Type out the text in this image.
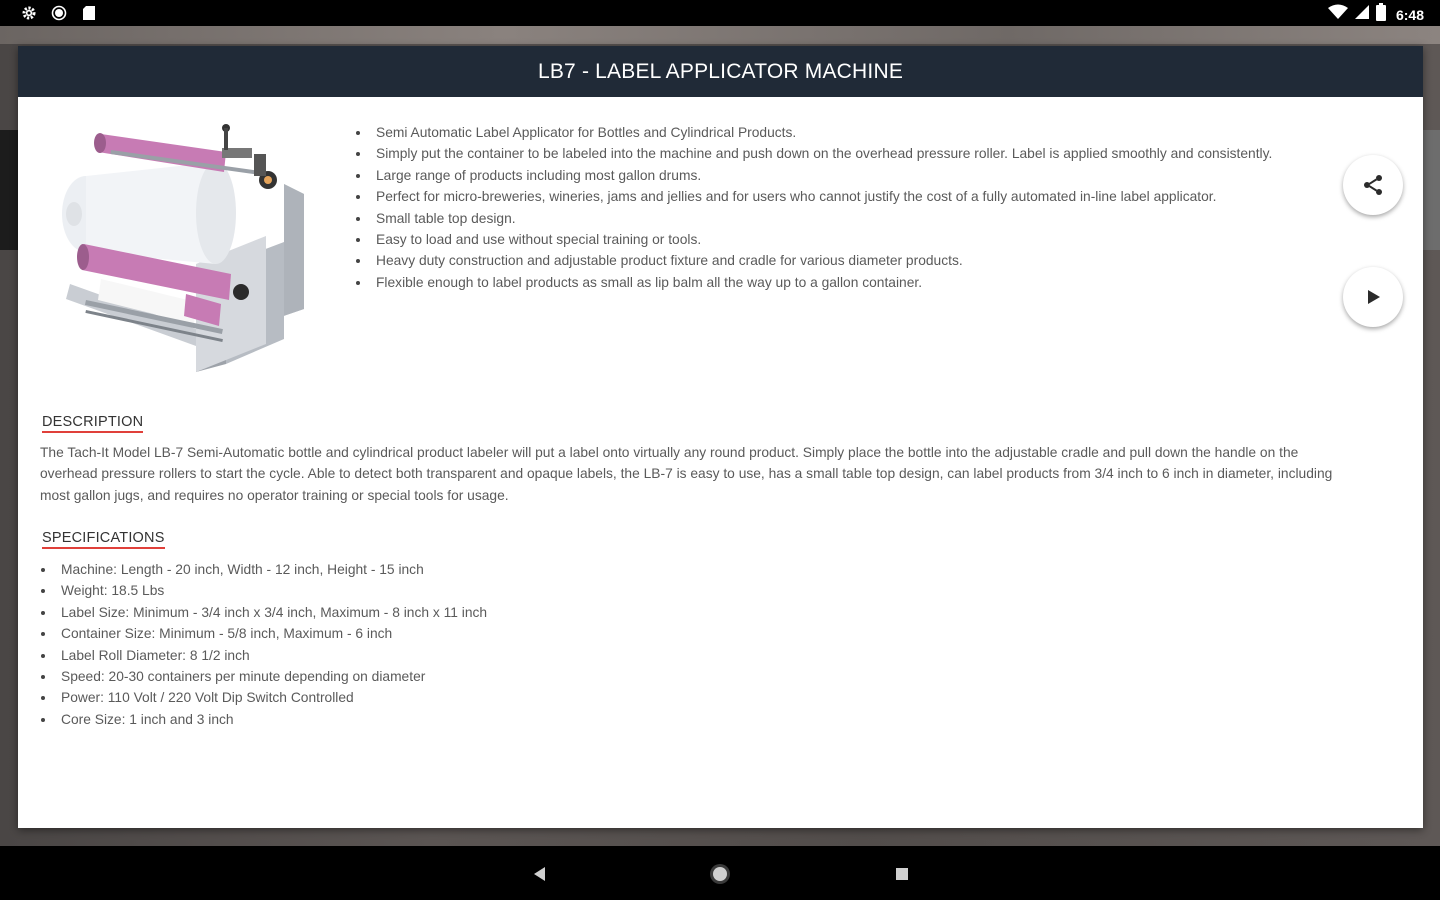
6:48
LB7 - LABEL APPLICATOR MACHINE
Semi Automatic Label Applicator for Bottles and Cylindrical Products.
Simply put the container to be labeled into the machine and push down on the overhead pressure roller. Label is applied smoothly and consistently.
Large range of products including most gallon drums.
Perfect for micro-breweries, wineries, jams and jellies and for users who cannot justify the cost of a fully automated in-line label applicator.
Small table top design.
Easy to load and use without special training or tools.
Heavy duty construction and adjustable product fixture and cradle for various diameter products.
Flexible enough to label products as small as lip balm all the way up to a gallon container.
DESCRIPTION

The Tach-It Model LB-7 Semi-Automatic bottle and cylindrical product labeler will put a label onto virtually any round product. Simply place the bottle into the adjustable cradle and pull down the handle on the overhead pressure rollers to start the cycle. Able to detect both transparent and opaque labels, the LB-7 is easy to use, has a small table top design, can label products from 3/4 inch to 6 inch in diameter, including most gallon jugs, and requires no operator training or special tools for usage.

SPECIFICATIONS
Machine: Length - 20 inch, Width - 12 inch, Height - 15 inch
Weight: 18.5 Lbs
Label Size: Minimum - 3/4 inch x 3/4 inch, Maximum - 8 inch x 11 inch
Container Size: Minimum - 5/8 inch, Maximum - 6 inch
Label Roll Diameter: 8 1/2 inch
Speed: 20-30 containers per minute depending on diameter
Power: 110 Volt / 220 Volt Dip Switch Controlled
Core Size: 1 inch and 3 inch
